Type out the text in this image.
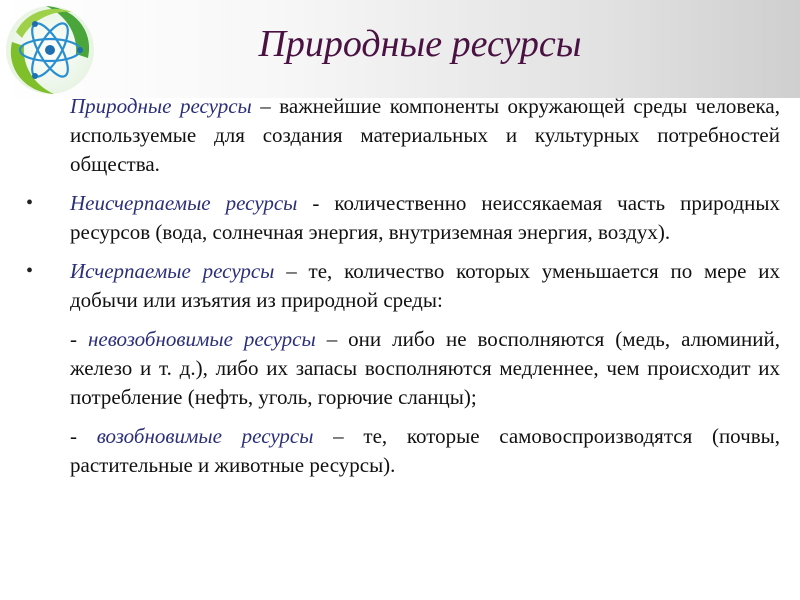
Природные ресурсы

Природные ресурсы – важнейшие компоненты окружающей среды человека, используемые для создания материальных и культурных потребностей общества.

• Неисчерпаемые ресурсы - количественно неиссякаемая часть природных ресурсов (вода, солнечная энергия, внутриземная энергия, воздух).

• Исчерпаемые ресурсы – те, количество которых уменьшается по мере их добычи или изъятия из природной среды:

- невозобновимые ресурсы – они либо не восполняются (медь, алюминий, железо и т. д.), либо их запасы восполняются медленнее, чем происходит их потребление (нефть, уголь, горючие сланцы);

- возобновимые ресурсы – те, которые самовоспроизводятся (почвы, растительные и животные ресурсы).
